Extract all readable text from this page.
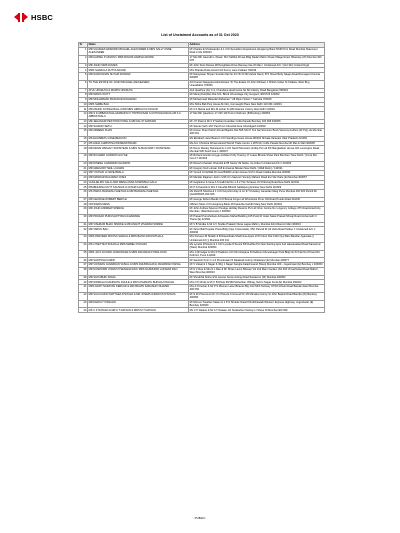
HSBC
List of Unclaimed Accounts as of 31 Oct 2023
Sr	Name	Address
1	MR CHARLES EDWARD MICHAEL ALEXANDER & MRS SALLY ANNE ALEXANDER	Mr Charles E M Alexander & 1 C/O Securities Department Hongkong Bank 52/60 M G Road Mumbai Statement Retd in Me 400023
2	MR HARISH P ADVANI / MRS ROHINI HARISH ADVANI	17 Mei Rih Gaurukh Li Road, Shri Siddha Khusa Bldg Dadar Mahim Road Village Road, Bhandup (W) Mumbai 400 078
3	MR JOHN SIMS DAVIES	Mr John Sims Davies 28 Doughlass Drive Ramsey Isle Of Man / Unclaimed A/C / (Ind 10c) United Kingd
4	MRS SHARALA DUTTA ANAND	Mrs Sharala Dutta Anand 3/4 Sunny Lane Kolkata 700019
5	MR NARAYANAN SHYAM SUNDAR	Mr Narayanan Shyam Sundar Flat No 04 7th Flr B2 Ashok Nand, 6Th Street Belly Nagar,Alwarthirunagar Chennai 600087
6	TO THE ESTATE OF JOHN MICHAEL (DECEASED)	A/3 Kumar Dasgupta Administrator To The Estate Of John Michael, 1 British Indian St Kolkata, West Bng Unavailable 700069
7	ATUL UPADHYA & MAMTA UPADHYA	Atul Upadhya (At) C-3, Chandana Apartments No 82 Infantry Road Bangalore 560001
8	MR MANOJ DUTT	Mr Manoj Dutt(Nw) Flat 101, Block 43 Heritage City Gurgaon 4015726 122002
9	MR MOHAMMAD MASUDAR RAHAMAN	Mr Mohammad Masudar Rahaman * 28 Ripon Street * Calcutta 700016
10	MRS SHIBE BALI	Mrs Shibe Bali Punj House M-13A, Connaught Place New Delhi 110 001 110001
11	MR ASHOK DUSSIH BALLI AND MRS HIRNAUYA IOCHAR	Mr A S Mehta and Mrs M Iochar D-109 Defence Colony New Delhi 110024
12	MR S D ABBASATHALASABAR M K TOPPICKSAR & M PATHAGISACLAM K A ABBOATHALA	17 Mei Rih Qaurikum 17 200 1/9 Poori k Rahmen (B Bombay) 400053
13	MR JEHANGIR PESTONJI PATEL & MR FALI P SARKARI	Mr J P Patel & Mr F P Sarkari Guardian Cuffe Parade Bombay 400 005 400005
14	MR SAURAV SETH	Mr Saurav Seth 1/07 Panch Lit Industrial Area Chandigarh 160002
15	MR ARREEN KHAN	Mr Arreen Khan Parish Ahmad Baptist Flat 505 Shri P N & Sai Structure Buid (Varsova,Andheri (W Pu)) Hs Mumbai 400 061
16	MS ELIZABETH JANE BEACON	Ms Elizabeth Jane Beacon C/O Sandhya Guest House 80/304 Shivala Varanasi Uttar Pradesh 221001
17	MS ANNA CHRISTINA WINSENSTRAND	Ms Ann Christina Winsenstrand Worrid Trade Centre 1,2879 Rv Cuffe Parade Mumbai 36 Mel-In Mall 400005
18	MR DENIS WESLEY SKINSTEAD & MRS SUSAN MARY SKINSTEAD	Mr Denis Wesley Skinstead & 1 C/O Nevill Television (India) Pvt Ltd 6/F Bangladesh House 401 Lamington Road, Mumbai 500 South Ave 1 400007
19	MR RICHARD GORDON HUYGE	Mr Richard Gordon Huyge-Cobden Kirby Tracing 17 Lease Bhosle Sheet Park Bemberv New Dehli / (Cmpl Rel - Ceu.17 110016
20	MR DINESH CHANDER CHANDOK	Mr Dinesh Chander Chandok E 85 Sector 39 Noida, Up India // Unclaimed A/C // 201303
21	MR GREGORY NEIL LULMAN	Mr Gregory Neil Lulman 418 E Arsenal Niketan New Delhi / (Wall Retrn) / 110021
22	MR YOOSUF H NAVEJIWALA	Mr Yoosuf H Na'Wali-Rr-Cec254000 Linden House 9 M G Road Colaba Mumbai 400001
23	MR MANDAR RAJARAM JOSHI	Mr Mandar Rajaram Joshi J 226 Om Sawvarr Society Mahant Road Ext Vile Parle (E) Mumbai 400057
24	GUGLIELMO GALLI AND IRENA ANNA SOWINSKA GALLI	Mr Guglielmo & Irena A S Galli Flat No 1 & 2 The Terraces 31 Prithviraj Road New Delhi 110011
25	PRABHUNNA DUTT KAUSHIK & FATAM KAUSHIK	Mr P D Kaushik & Mrs F Kaushik B2/122 Safdarjung Enclave New Delhi 110029
26	MS PARUL BHAVESH SHETHIA & MR BHAVESH SHETHIA	Ms Parul B Shethia & 1 C/O Ketyshri Hiray & Co 97 Chowkey Janardan Marg Pune Mumbai 400 025 Panrill Rn Qsc0005025 400 025
27	MR GEORGE ROBERT BEETLE	Mr George Robert Beetle C/O Brenat Forge Ltd Whorelmai Pune Old Road 8 Hele Road 411036
28	OFFICERS MESS	Officers Mess C/O Hongkong Bank 28 Kasturba Gandhi Marg New Delhi 110001
29	MR JOHN ANDREW SPENCE	Mr John Andrew Spence Prestige Holiday Resorts Pvt Ltd Orion Centre,No 1,Agency College 4Th Road,Hitechcity Mumbai / (Mail Returned) // 400053
30	MR PRASAD PURUSHOTTAM ACHAWANE	Mr Prasad Purushottam Achawane Mahal Building 105 Pusti Rr Hotel Sakai Prasad Shivaji Road Ambarnath N Thane (E) 421501
31	MR VISHRAM BHAU SINDKE & MR ANANT VISHRAM SINDKE	Mr V B Sindke & Mr A V Sindke Prakash Nivas Lagse Mahim, Mumbai 32nd Rast Ar Mari 400016
32	MR TARUN BALI	Mr Tarun Bali Popular Press Bldg (Opp Crossroads), 65C Parvati Dr Ali Varia Road Tardeo // Unclaimed A/C // 400034
33	MRS PARVEEN MOOSA SHAIKH & MRS BANO RASOOTHALA	Mrs Parveen M Shaikh & B Rasoothala Shahmina Appts 2/7th Floor Flat 1102 Opp Batu Bandan Agarwala (( Unclaimed A/C )) Mumbai 400 011
34	MS LYNETTE D'SOUZA & MRS MABEL D'SOUZA	Ms Lynette D'Souza & 1 C/O Lynette D'Souza 5/8 Dudhia Pvt New Sterling Apts 2nd Hassanabad Road Santacruz (West) Mumbai 400054
35	MRS JAYA JAYAPAL DHRODGAR & MRS RANJANA R PADLOONI	Mrs J Dhrodgar & Mrs R Padlooni C/O Mrs Ranjana R Padlooni Ahmednagar Park Bldg No 53 Flat No 8 Paud Rd Kothrud, Pune 411029
36	MR SANTOSH KAMIR	Mr Santosh Kmir C-1-3 Premkutasi NI Radasali Colony Ghatkopar (E) Mumbai 400077
37	MR VIJINDAS JANARDAN VAISAL & MRS DHUNDALAKH JANARDAN VAISAL	Mr V Vaisal & 1 Nagar & Wrg 1 Nagar Sanglia Kalachovand (West) Mumbai 400 - Jogeshwari (E) Bombay x 400060
38	MR NASMUDIR VORAVUYSENANA RAO/ MRS NASMUDIR LAKSHMI RAO	Mr N V Rao & Mrs N L Rao & Mr Shree Laxmi Bhavan Vol 2nd Marn Garden Vile 400 Vimanhubad Road Mahim West Mumbai 400016
39	MR SHOUBHIK SINHA	Mr Shoubhik Sinha 4/11 Jeevan Sona Linking Road Santacruz (W) Mumbai 400054
40	MR NIRMALA KASHINATH DHULE & MR KASHINATH BHIKHAJI DHULE	Mrs N K Dhule & Mr K B Dhule 66/466 Meherban Vibhag, Nehru Nagar Kurla (E) Mumbai 400024
41	MRS ARATI NARAYAN KERKAR & MR PRAVIN SADASHIV DHAVEN	Mrs A N Kerkar & Mr P S Dhaven Lalon Bhavan Blg 1/12 Mhb Subway Off Dh Dhule Road Bandan East Mumbai 400 069
42	MR SALUCHINO MATTHEA D'SOUZA & MR JOSEPH FRANCIS D'SOUZA	Mr S M D'Souza & Mr J F D'Souza 6 Ground Flr 1/5 Mimaka Colony St John Baptist Road Bandra (W) Bombay 400050
43	MR DHRUV TUSSAHN	Mr Dhruva Tusahan Satam & 1 P N Shukla Chawl Khindchawadi Western Express Highway, Jogeshwari (E) Bombay 400060
44	MS C P DATAAN & MR A T DATAAN & MRS M T DATAAN	Ms C P Dataan & Mr A T Dataan 1/2 Sudarshan Society Lt Shree Dt Mumbai 400 069
PUBLIC
